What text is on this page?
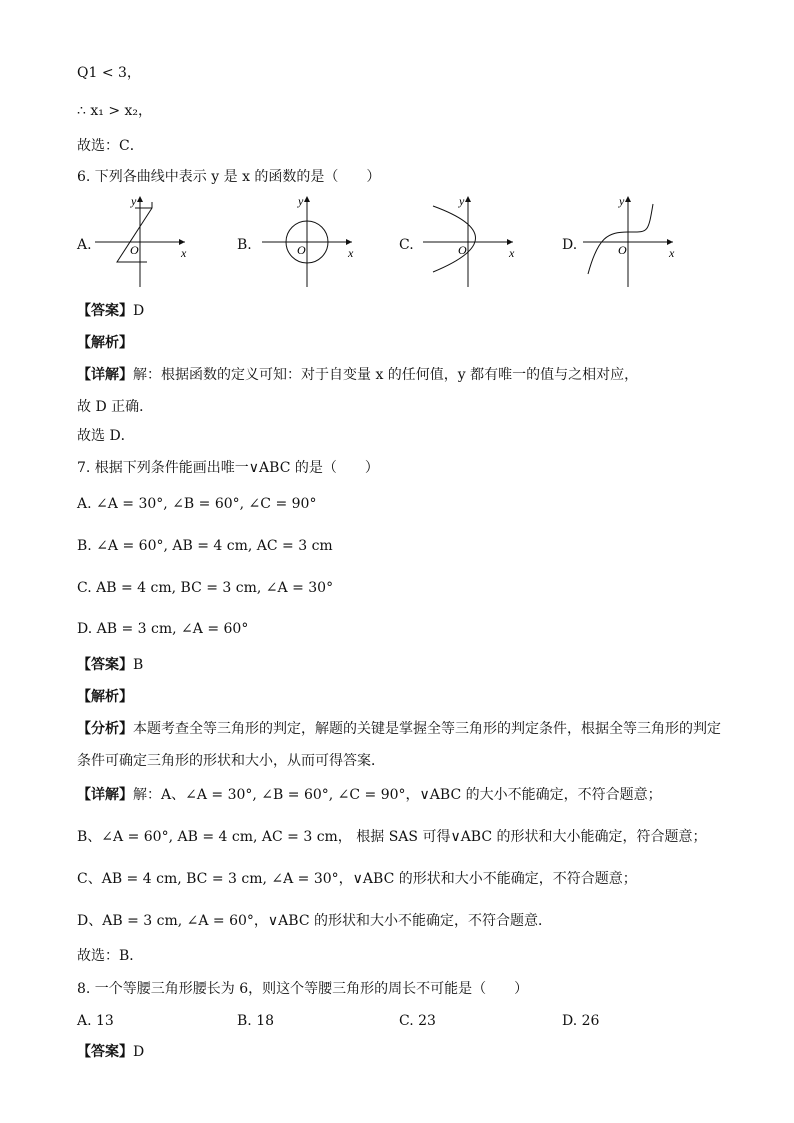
Q1 < 3，
∴ x₁ > x₂，
故选：C．
6. 下列各曲线中表示 y 是 x 的函数的是（　　）
A.	B.	C.	D.
y
x
O
y
x
O
y
x
O
y
x
O
【答案】D
【解析】
【详解】解：根据函数的定义可知：对于自变量 x 的任何值，y 都有唯一的值与之相对应，
故 D 正确．
故选 D．
7. 根据下列条件能画出唯一∨ABC 的是（　　）
A. ∠A = 30°, ∠B = 60°, ∠C = 90°
B. ∠A = 60°, AB = 4 cm, AC = 3 cm
C. AB = 4 cm, BC = 3 cm, ∠A = 30°
D. AB = 3 cm, ∠A = 60°
【答案】B
【解析】
【分析】本题考查全等三角形的判定，解题的关键是掌握全等三角形的判定条件，根据全等三角形的判定
条件可确定三角形的形状和大小，从而可得答案．
【详解】解：A、∠A = 30°, ∠B = 60°, ∠C = 90°，∨ABC 的大小不能确定，不符合题意；
B、∠A = 60°, AB = 4 cm, AC = 3 cm， 根据 SAS 可得∨ABC 的形状和大小能确定，符合题意；
C、AB = 4 cm, BC = 3 cm, ∠A = 30°，∨ABC 的形状和大小不能确定，不符合题意；
D、AB = 3 cm, ∠A = 60°，∨ABC 的形状和大小不能确定，不符合题意．
故选：B．
8. 一个等腰三角形腰长为 6，则这个等腰三角形的周长不可能是（　　）
A. 13	B. 18	C. 23	D. 26
【答案】D
